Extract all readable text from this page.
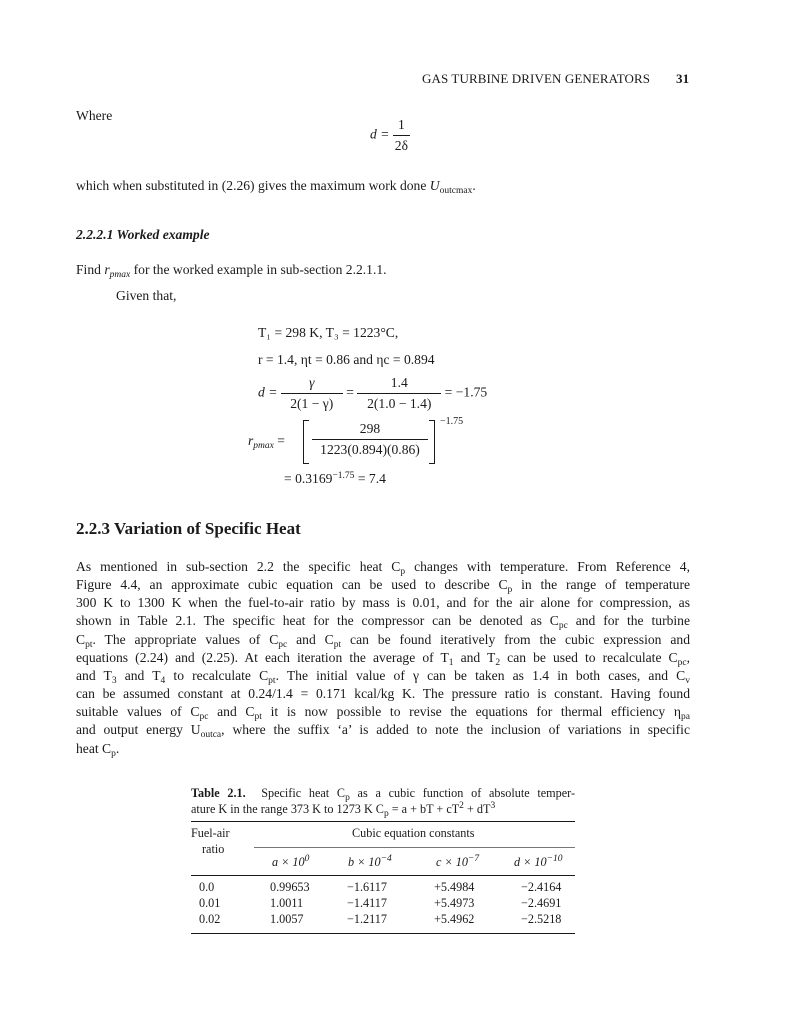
GAS TURBINE DRIVEN GENERATORS 31
Where
$d = \frac{1}{2\delta}$
which when substituted in (2.26) gives the maximum work done $U_{outcmax}$.
2.2.2.1 Worked example
Find $r_{pmax}$ for the worked example in sub-section 2.2.1.1.
Given that,
T₁ = 298 K, T₃ = 1223°C,
r = 1.4, ηt = 0.86 and ηc = 0.894
$d = \frac{\gamma}{2(1 - \gamma)} = \frac{1.4}{2(1.0 - 1.4)} = -1.75$
$r_{pmax} = \frac{298}{1223(0.894)(0.86)} -1.75$
= $0.3169^{-1.75} = 7.4$
2.2.3 Variation of Specific Heat
As mentioned in sub-section 2.2 the specific heat $C_p$ changes with temperature. From Reference 4,
Figure 4.4, an approximate cubic equation can be used to describe $C_p$ in the range of temperature
300 K to 1300 K when the fuel-to-air ratio by mass is 0.01, and for the air alone for compression, as
shown in Table 2.1. The specific heat for the compressor can be denoted as $C_{pc}$ and for the turbine
$C_{pt}$. The appropriate values of $C_{pc}$ and $C_{pt}$ can be found iteratively from the cubic expression and
equations (2.24) and (2.25). At each iteration the average of $T_1$ and $T_2$ can be used to recalculate $C_{pc}$,
and $T_3$ and $T_4$ to recalculate $C_{pt}$. The initial value of γ can be taken as 1.4 in both cases, and $C_v$
can be assumed constant at 0.24/1.4 = 0.171 kcal/kg K. The pressure ratio is constant. Having found
suitable values of $C_{pc}$ and $C_{pt}$ it is now possible to revise the equations for thermal efficiency $\eta_{pa}$
and output energy $U_{outca}$, where the suffix ‘a’ is added to note the inclusion of variations in specific
heat $C_p$.
Table 2.1. Specific heat $C_p$ as a cubic function of absolute temper-
ature K in the range 373 K to 1273 K $C_p = a$ + bT + $cT^2 + dT^3$
Fuel-air
ratio
Cubic equation constants
$a \times 10^0$	$b \times 10^{-4}$	$c \times 10^{-7}$	$d \times 10^{-10}$
0.0	0.99653	−1.6117	+5.4984	−2.4164
0.01	1.0011	−1.4117	+5.4973	−2.4691
0.02	1.0057	−1.2117	+5.4962	−2.5218
